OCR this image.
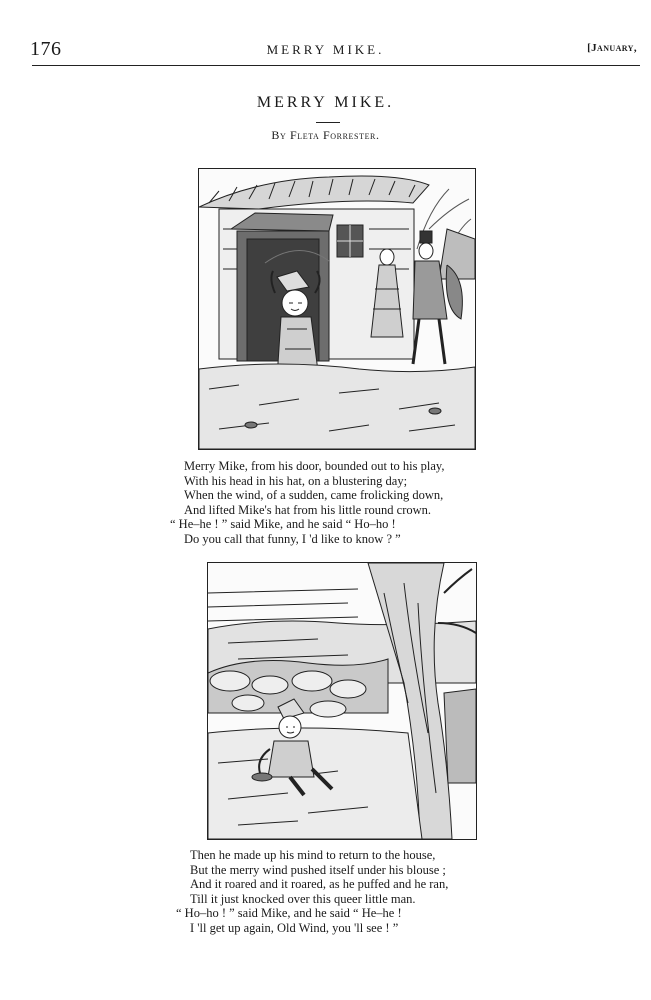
176	MERRY MIKE.	[January,
MERRY MIKE.
By Fleta Forrester.
Merry Mike, from his door, bounded out to his play,
With his head in his hat, on a blustering day;
When the wind, of a sudden, came frolicking down,
And lifted Mike's hat from his little round crown.
“ He–he ! ” said Mike, and he said “ Ho–ho !
Do you call that funny, I 'd like to know ? ”
Then he made up his mind to return to the house,
But the merry wind pushed itself under his blouse ;
And it roared and it roared, as he puffed and he ran,
Till it just knocked over this queer little man.
“ Ho–ho ! ” said Mike, and he said “ He–he !
I 'll get up again, Old Wind, you 'll see ! ”
